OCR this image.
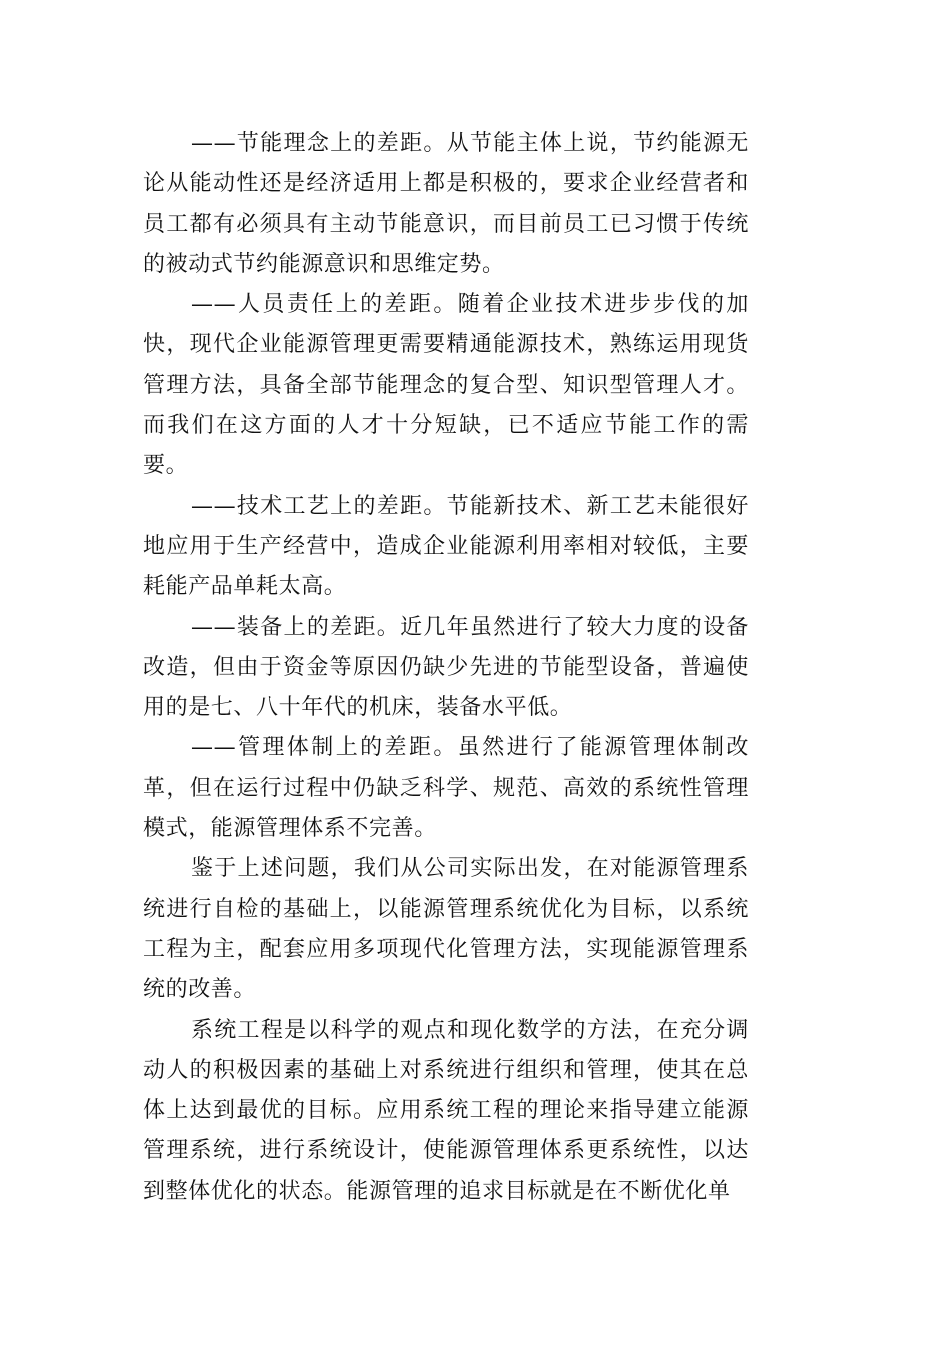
——节能理念上的差距。从节能主体上说，节约能源无论从能动性还是经济适用上都是积极的，要求企业经营者和员工都有必须具有主动节能意识，而目前员工已习惯于传统的被动式节约能源意识和思维定势。

——人员责任上的差距。随着企业技术进步步伐的加快，现代企业能源管理更需要精通能源技术，熟练运用现货管理方法，具备全部节能理念的复合型、知识型管理人才。而我们在这方面的人才十分短缺，已不适应节能工作的需要。

——技术工艺上的差距。节能新技术、新工艺未能很好地应用于生产经营中，造成企业能源利用率相对较低，主要耗能产品单耗太高。

——装备上的差距。近几年虽然进行了较大力度的设备改造，但由于资金等原因仍缺少先进的节能型设备，普遍使用的是七、八十年代的机床，装备水平低。

——管理体制上的差距。虽然进行了能源管理体制改革，但在运行过程中仍缺乏科学、规范、高效的系统性管理模式，能源管理体系不完善。

鉴于上述问题，我们从公司实际出发，在对能源管理系统进行自检的基础上，以能源管理系统优化为目标，以系统工程为主，配套应用多项现代化管理方法，实现能源管理系统的改善。

系统工程是以科学的观点和现化数学的方法，在充分调动人的积极因素的基础上对系统进行组织和管理，使其在总体上达到最优的目标。应用系统工程的理论来指导建立能源管理系统，进行系统设计，使能源管理体系更系统性，以达到整体优化的状态。能源管理的追求目标就是在不断优化单
